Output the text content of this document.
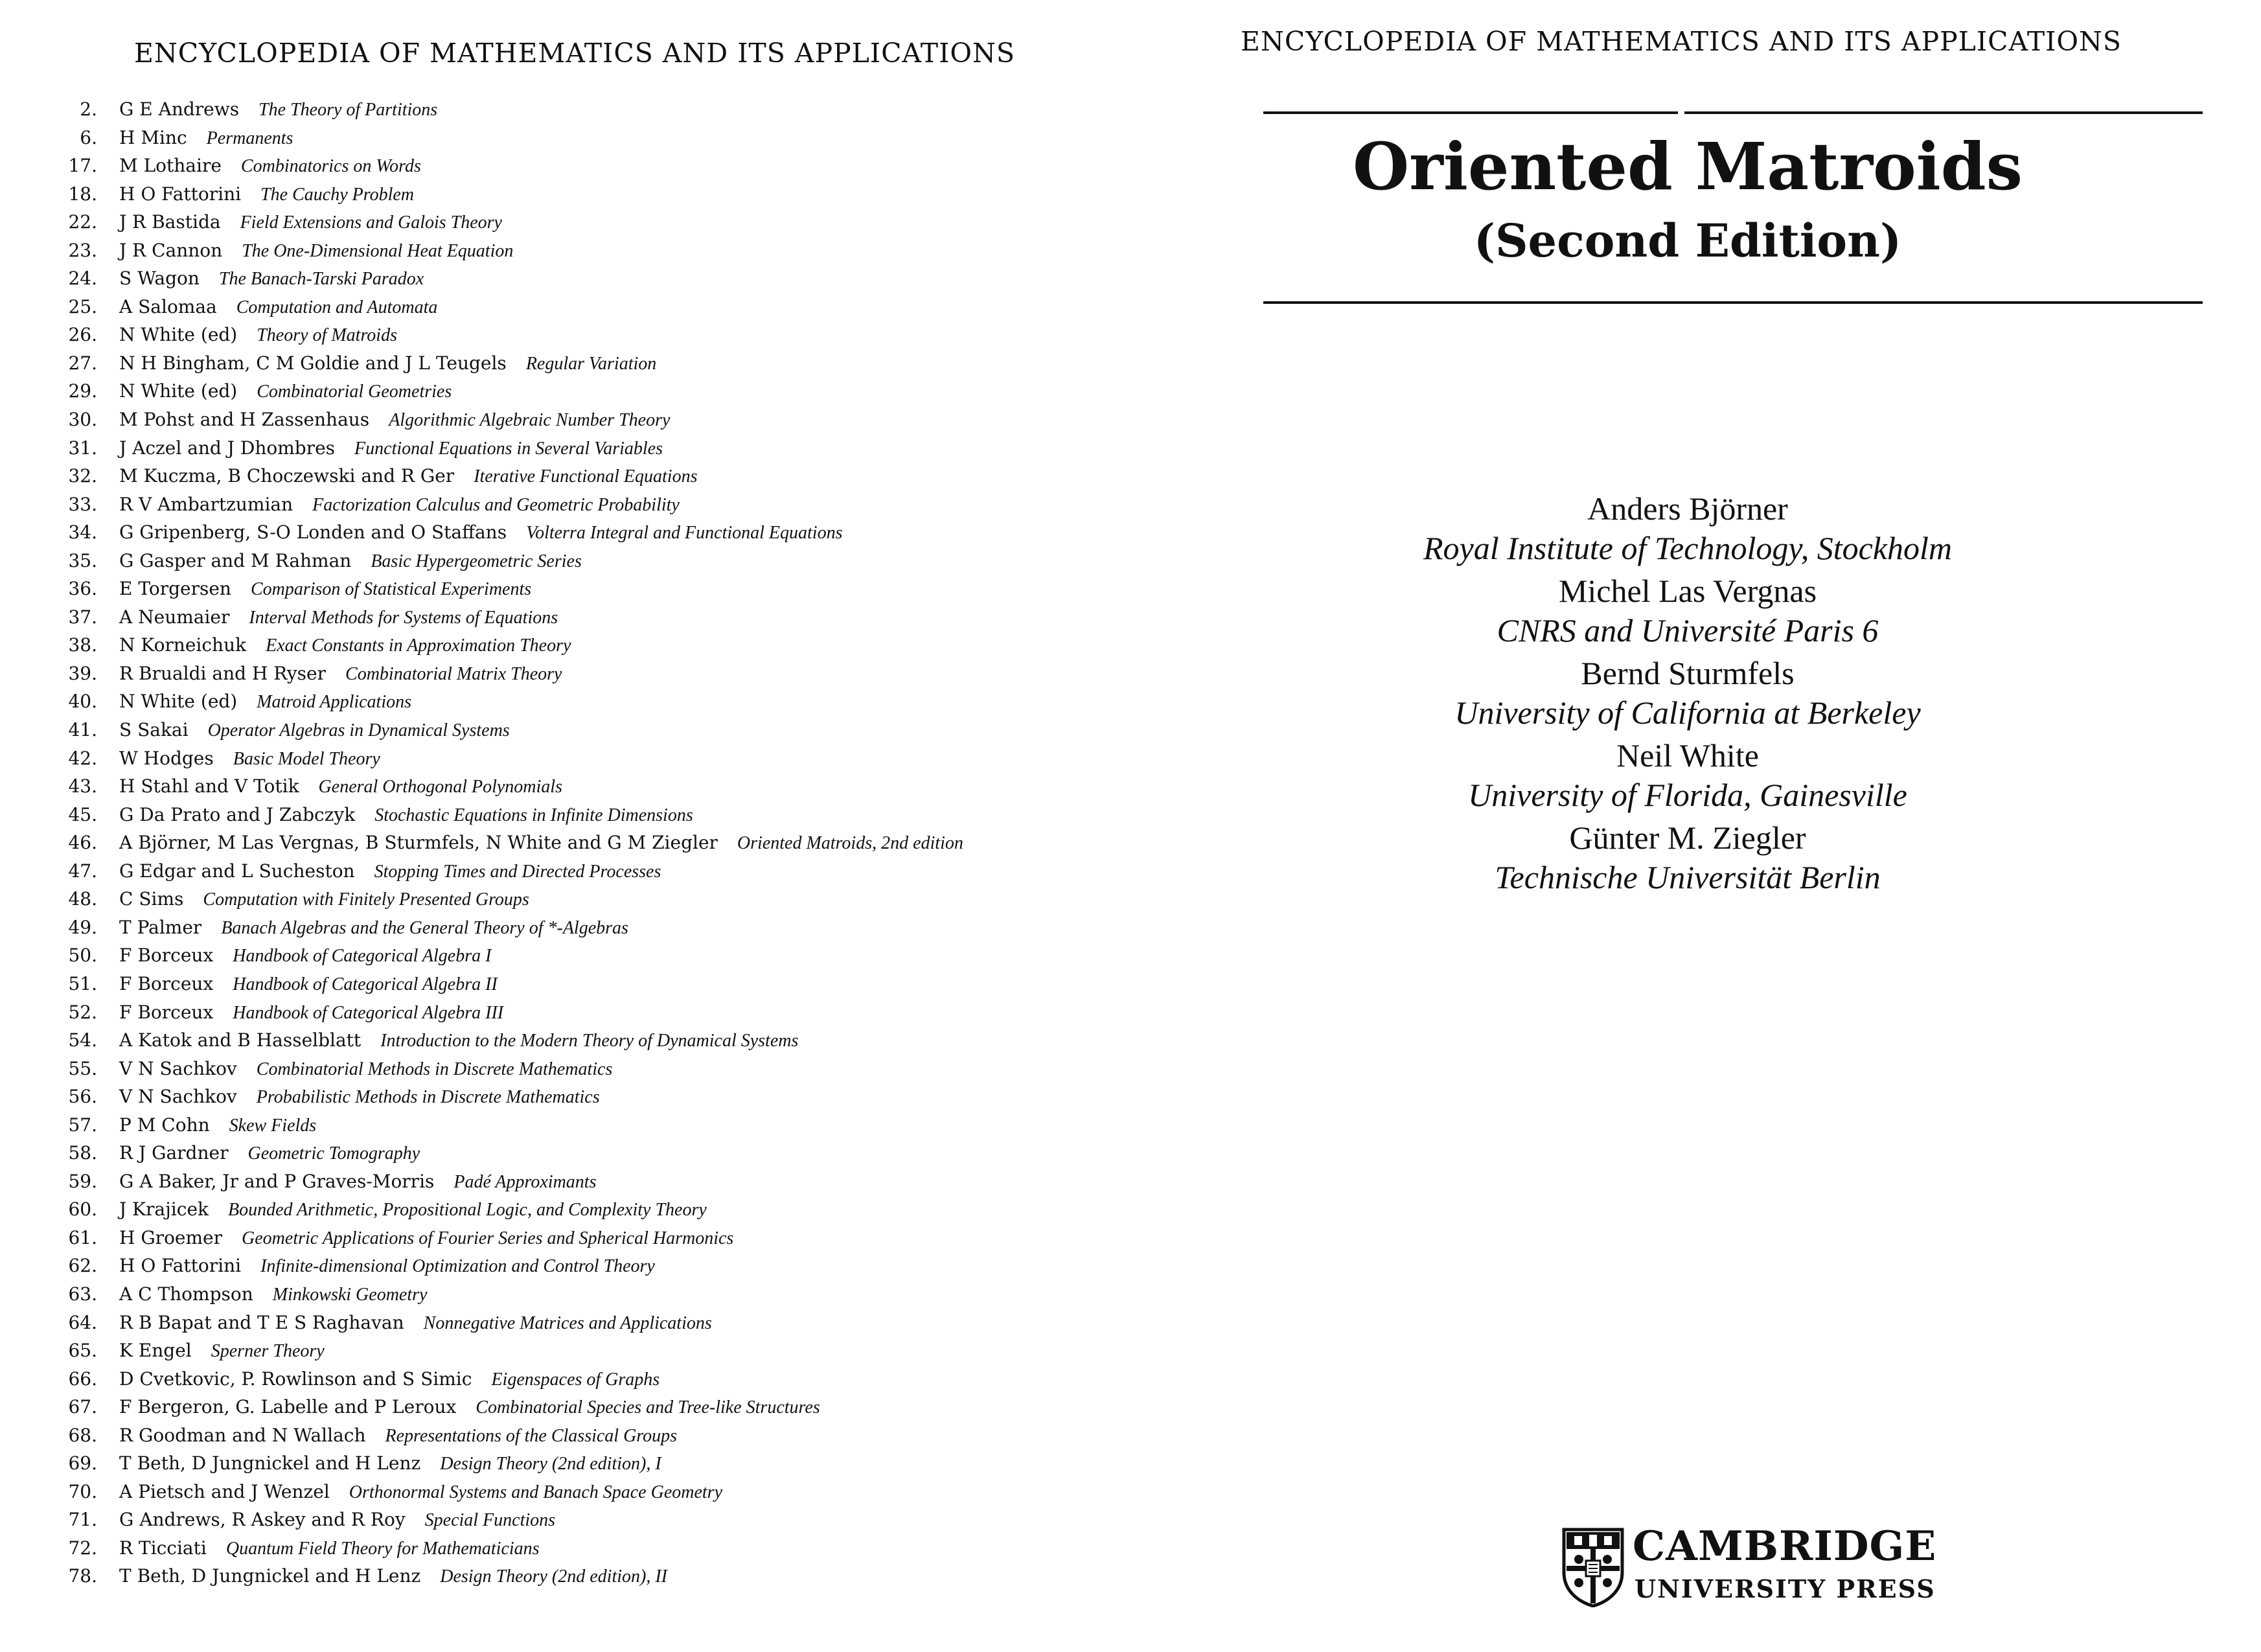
ENCYCLOPEDIA OF MATHEMATICS AND ITS APPLICATIONS
2. G E Andrews The Theory of Partitions
6. H Minc Permanents
17. M Lothaire Combinatorics on Words
18. H O Fattorini The Cauchy Problem
22. J R Bastida Field Extensions and Galois Theory
23. J R Cannon The One-Dimensional Heat Equation
24. S Wagon The Banach-Tarski Paradox
25. A Salomaa Computation and Automata
26. N White (ed) Theory of Matroids
27. N H Bingham, C M Goldie and J L Teugels Regular Variation
29. N White (ed) Combinatorial Geometries
30. M Pohst and H Zassenhaus Algorithmic Algebraic Number Theory
31. J Aczel and J Dhombres Functional Equations in Several Variables
32. M Kuczma, B Choczewski and R Ger Iterative Functional Equations
33. R V Ambartzumian Factorization Calculus and Geometric Probability
34. G Gripenberg, S-O Londen and O Staffans Volterra Integral and Functional Equations
35. G Gasper and M Rahman Basic Hypergeometric Series
36. E Torgersen Comparison of Statistical Experiments
37. A Neumaier Interval Methods for Systems of Equations
38. N Korneichuk Exact Constants in Approximation Theory
39. R Brualdi and H Ryser Combinatorial Matrix Theory
40. N White (ed) Matroid Applications
41. S Sakai Operator Algebras in Dynamical Systems
42. W Hodges Basic Model Theory
43. H Stahl and V Totik General Orthogonal Polynomials
45. G Da Prato and J Zabczyk Stochastic Equations in Infinite Dimensions
46. A Björner, M Las Vergnas, B Sturmfels, N White and G M Ziegler Oriented Matroids, 2nd edition
47. G Edgar and L Sucheston Stopping Times and Directed Processes
48. C Sims Computation with Finitely Presented Groups
49. T Palmer Banach Algebras and the General Theory of *-Algebras
50. F Borceux Handbook of Categorical Algebra I
51. F Borceux Handbook of Categorical Algebra II
52. F Borceux Handbook of Categorical Algebra III
54. A Katok and B Hasselblatt Introduction to the Modern Theory of Dynamical Systems
55. V N Sachkov Combinatorial Methods in Discrete Mathematics
56. V N Sachkov Probabilistic Methods in Discrete Mathematics
57. P M Cohn Skew Fields
58. R J Gardner Geometric Tomography
59. G A Baker, Jr and P Graves-Morris Padé Approximants
60. J Krajicek Bounded Arithmetic, Propositional Logic, and Complexity Theory
61. H Groemer Geometric Applications of Fourier Series and Spherical Harmonics
62. H O Fattorini Infinite-dimensional Optimization and Control Theory
63. A C Thompson Minkowski Geometry
64. R B Bapat and T E S Raghavan Nonnegative Matrices and Applications
65. K Engel Sperner Theory
66. D Cvetkovic, P. Rowlinson and S Simic Eigenspaces of Graphs
67. F Bergeron, G. Labelle and P Leroux Combinatorial Species and Tree-like Structures
68. R Goodman and N Wallach Representations of the Classical Groups
69. T Beth, D Jungnickel and H Lenz Design Theory (2nd edition), I
70. A Pietsch and J Wenzel Orthonormal Systems and Banach Space Geometry
71. G Andrews, R Askey and R Roy Special Functions
72. R Ticciati Quantum Field Theory for Mathematicians
78. T Beth, D Jungnickel and H Lenz Design Theory (2nd edition), II
ENCYCLOPEDIA OF MATHEMATICS AND ITS APPLICATIONS
Oriented Matroids
(Second Edition)
Anders Björner
Royal Institute of Technology, Stockholm
Michel Las Vergnas
CNRS and Université Paris 6
Bernd Sturmfels
University of California at Berkeley
Neil White
University of Florida, Gainesville
Günter M. Ziegler
Technische Universität Berlin
CAMBRIDGE
UNIVERSITY PRESS
